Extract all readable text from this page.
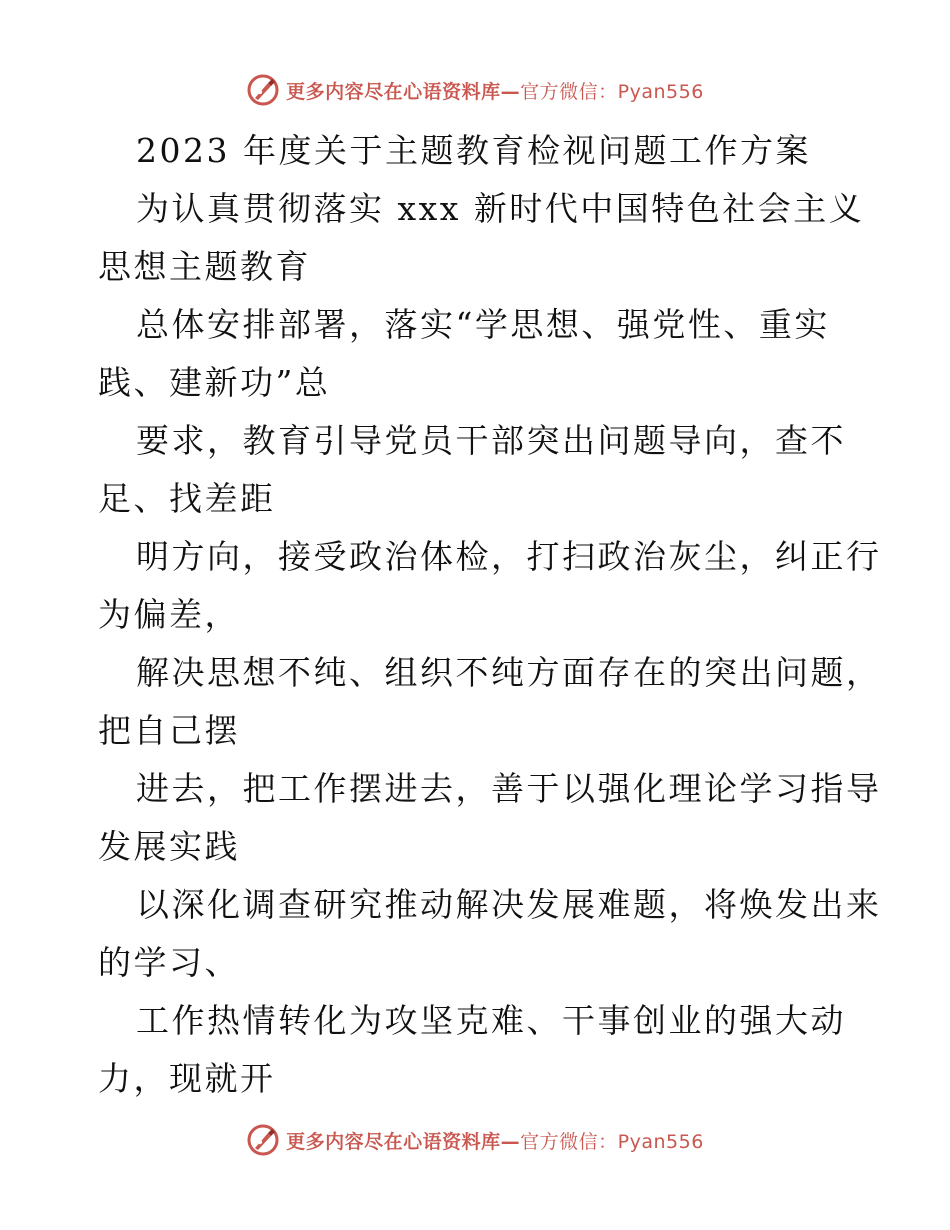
更多内容尽在心语资料库—官方微信：Pyan556
2023 年度关于主题教育检视问题工作方案
为认真贯彻落实 xxx 新时代中国特色社会主义
思想主题教育
总体安排部署，落实“学思想、强党性、重实
践、建新功”总
要求，教育引导党员干部突出问题导向，查不
足、找差距
明方向，接受政治体检，打扫政治灰尘，纠正行
为偏差，
解决思想不纯、组织不纯方面存在的突出问题，
把自己摆
进去，把工作摆进去，善于以强化理论学习指导
发展实践
以深化调查研究推动解决发展难题，将焕发出来
的学习、
工作热情转化为攻坚克难、干事创业的强大动
力，现就开
更多内容尽在心语资料库—官方微信：Pyan556
